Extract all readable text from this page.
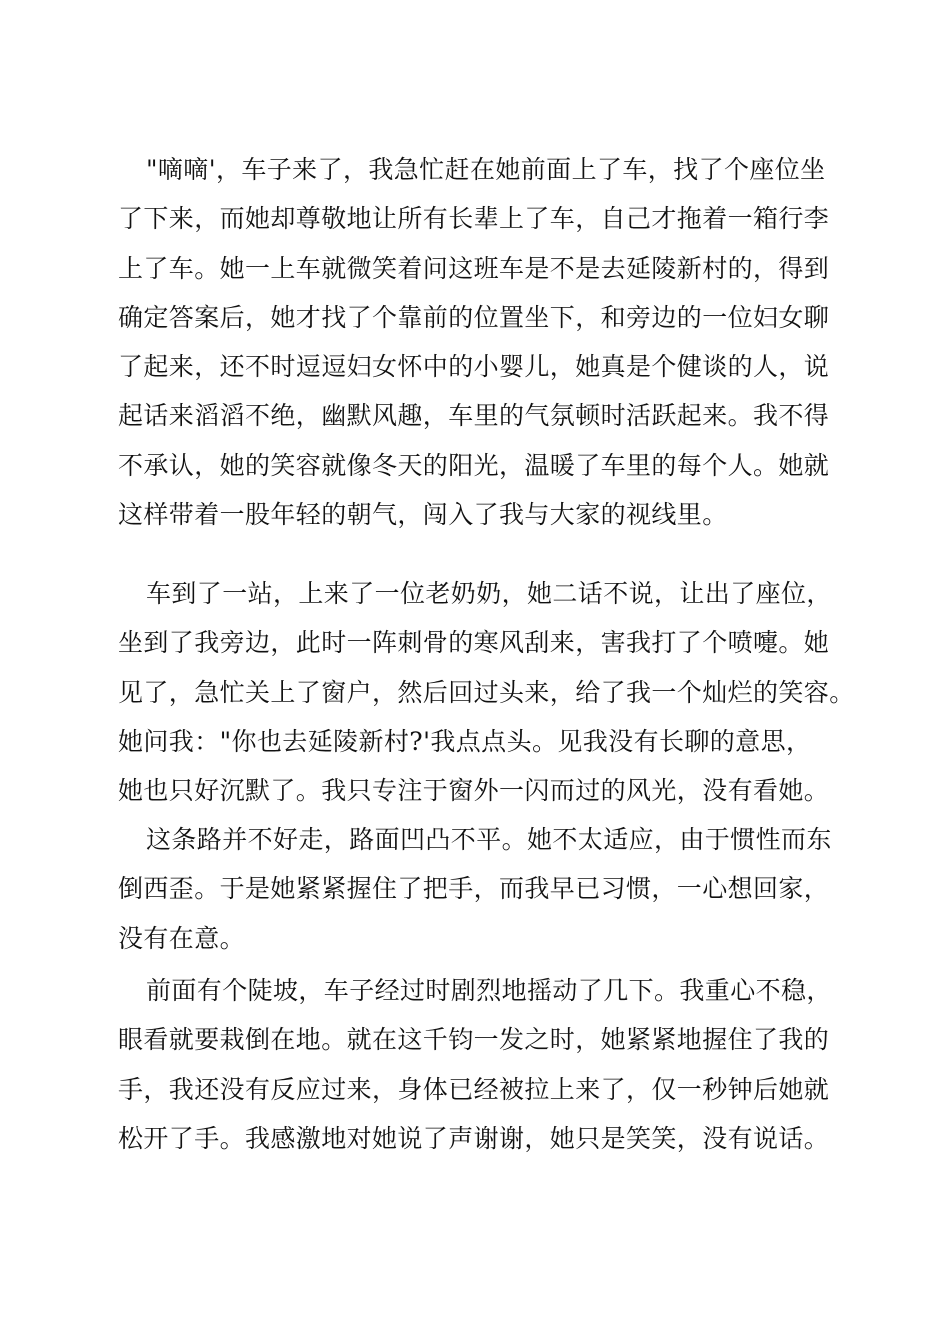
"嘀嘀'，车子来了，我急忙赶在她前面上了车，找了个座位坐
了下来，而她却尊敬地让所有长辈上了车，自己才拖着一箱行李
上了车。她一上车就微笑着问这班车是不是去延陵新村的，得到
确定答案后，她才找了个靠前的位置坐下，和旁边的一位妇女聊
了起来，还不时逗逗妇女怀中的小婴儿，她真是个健谈的人，说
起话来滔滔不绝，幽默风趣，车里的气氛顿时活跃起来。我不得
不承认，她的笑容就像冬天的阳光，温暖了车里的每个人。她就
这样带着一股年轻的朝气，闯入了我与大家的视线里。
车到了一站，上来了一位老奶奶，她二话不说，让出了座位，
坐到了我旁边，此时一阵刺骨的寒风刮来，害我打了个喷嚏。她
见了，急忙关上了窗户，然后回过头来，给了我一个灿烂的笑容。
她问我："你也去延陵新村?'我点点头。见我没有长聊的意思，
她也只好沉默了。我只专注于窗外一闪而过的风光，没有看她。
这条路并不好走，路面凹凸不平。她不太适应，由于惯性而东
倒西歪。于是她紧紧握住了把手，而我早已习惯，一心想回家，
没有在意。
前面有个陡坡，车子经过时剧烈地摇动了几下。我重心不稳，
眼看就要栽倒在地。就在这千钧一发之时，她紧紧地握住了我的
手，我还没有反应过来，身体已经被拉上来了，仅一秒钟后她就
松开了手。我感激地对她说了声谢谢，她只是笑笑，没有说话。
